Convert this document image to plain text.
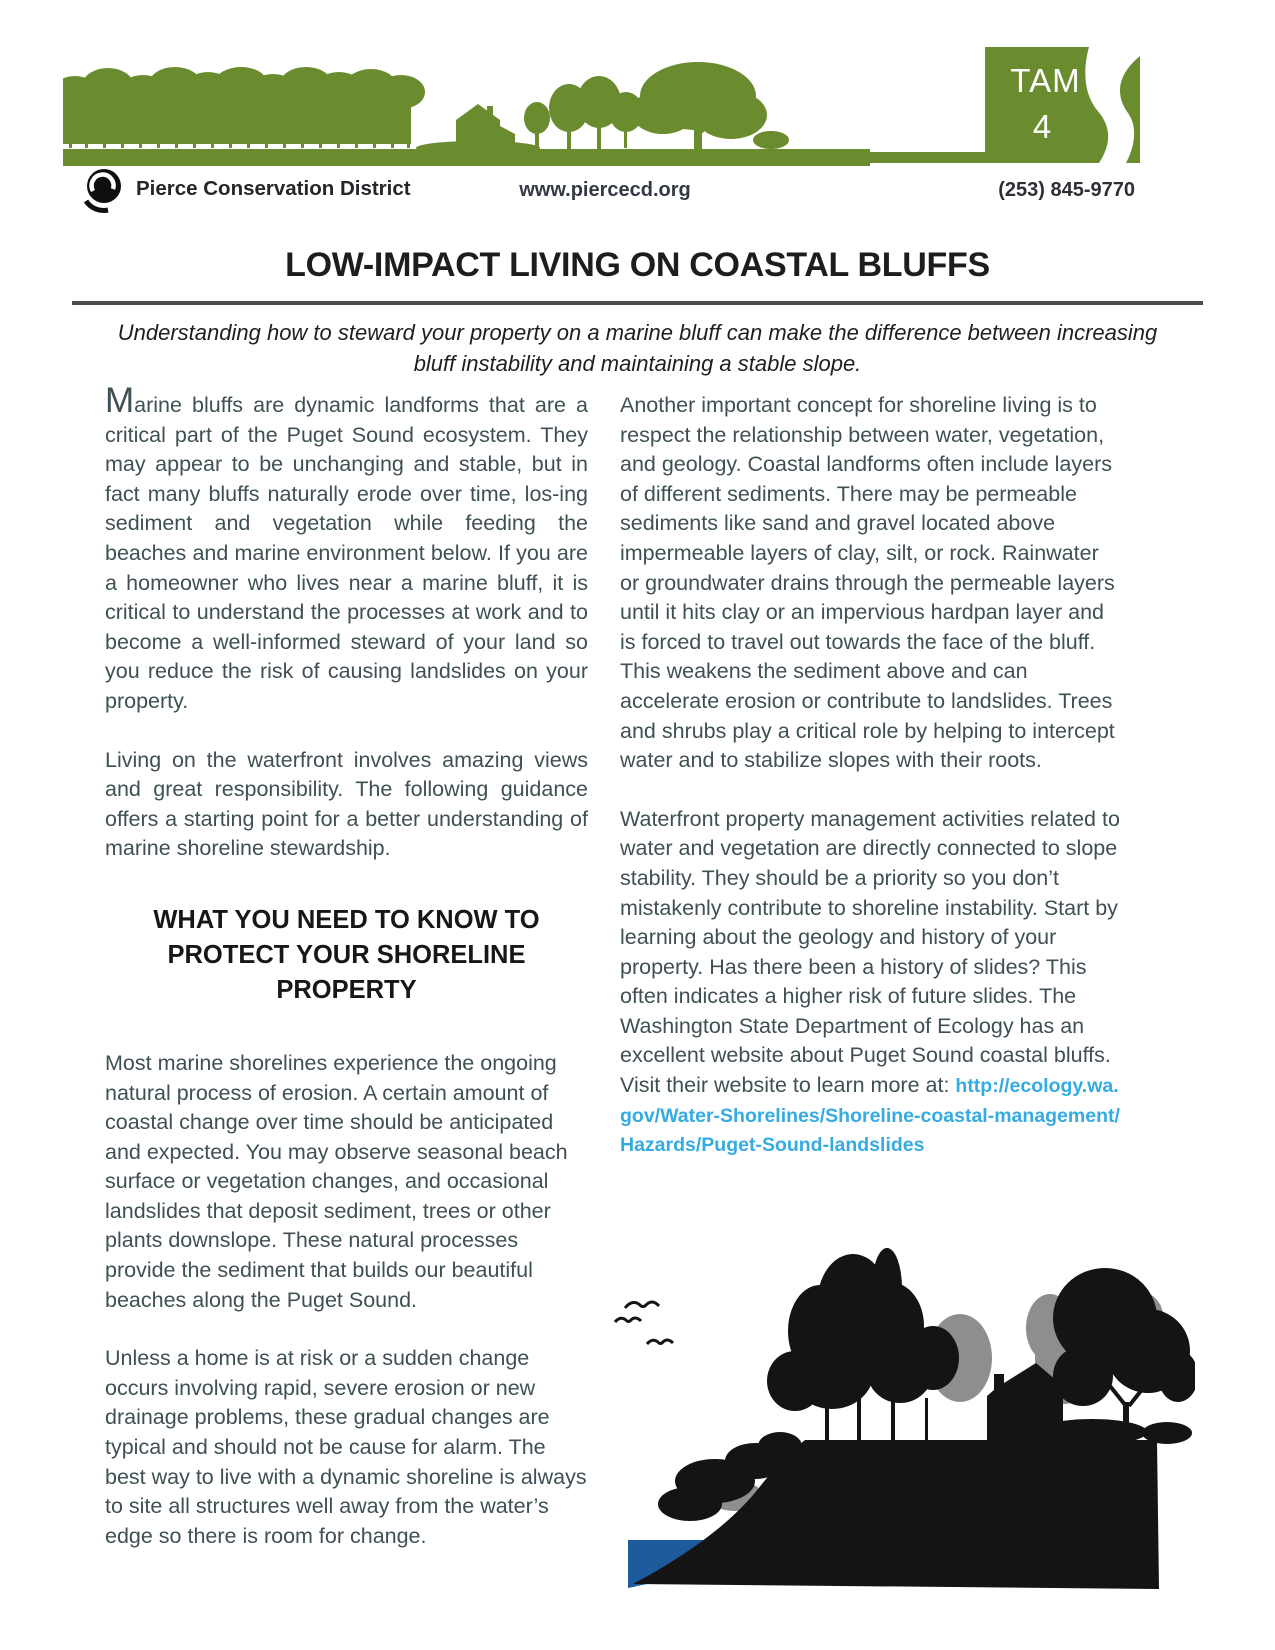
TAM
4
Pierce Conservation District	www.piercecd.org	(253) 845-9770
LOW-IMPACT LIVING ON COASTAL BLUFFS
Understanding how to steward your property on a marine bluff can make the difference between increasing
bluff instability and maintaining a stable slope.

Marine bluffs are dynamic landforms that are a critical part of the Puget Sound ecosystem. They may appear to be unchanging and stable, but in fact many bluffs naturally erode over time, los-ing sediment and vegetation while feeding the beaches and marine environment below. If you are a homeowner who lives near a marine bluff, it is critical to understand the processes at work and to become a well-informed steward of your land so you reduce the risk of causing landslides on your property.

Living on the waterfront involves amazing views and great responsibility. The following guidance offers a starting point for a better understanding of marine shoreline stewardship.

WHAT YOU NEED TO KNOW TO
PROTECT YOUR SHORELINE PROPERTY

Most marine shorelines experience the ongoing natural process of erosion. A certain amount of coastal change over time should be anticipated and expected. You may observe seasonal beach surface or vegetation changes, and occasional landslides that deposit sediment, trees or other plants downslope. These natural processes provide the sediment that builds our beautiful beaches along the Puget Sound.

Unless a home is at risk or a sudden change occurs involving rapid, severe erosion or new drainage problems, these gradual changes are typical and should not be cause for alarm. The best way to live with a dynamic shoreline is always to site all structures well away from the water’s edge so there is room for change.

Another important concept for shoreline living is to respect the relationship between water, vegetation, and geology. Coastal landforms often include layers of different sediments. There may be permeable sediments like sand and gravel located above impermeable layers of clay, silt, or rock. Rainwater or groundwater drains through the permeable layers until it hits clay or an impervious hardpan layer and is forced to travel out towards the face of the bluff. This weakens the sediment above and can accelerate erosion or contribute to landslides. Trees and shrubs play a critical role by helping to intercept water and to stabilize slopes with their roots.

Waterfront property management activities related to water and vegetation are directly connected to slope stability. They should be a priority so you don’t mistakenly contribute to shoreline instability. Start by learning about the geology and history of your property. Has there been a history of slides? This often indicates a higher risk of future slides. The Washington State Department of Ecology has an excellent website about Puget Sound coastal bluffs. Visit their website to learn more at: http://ecology.wa.gov/Water-Shorelines/Shoreline-coastal-management/Hazards/Puget-Sound-landslides
